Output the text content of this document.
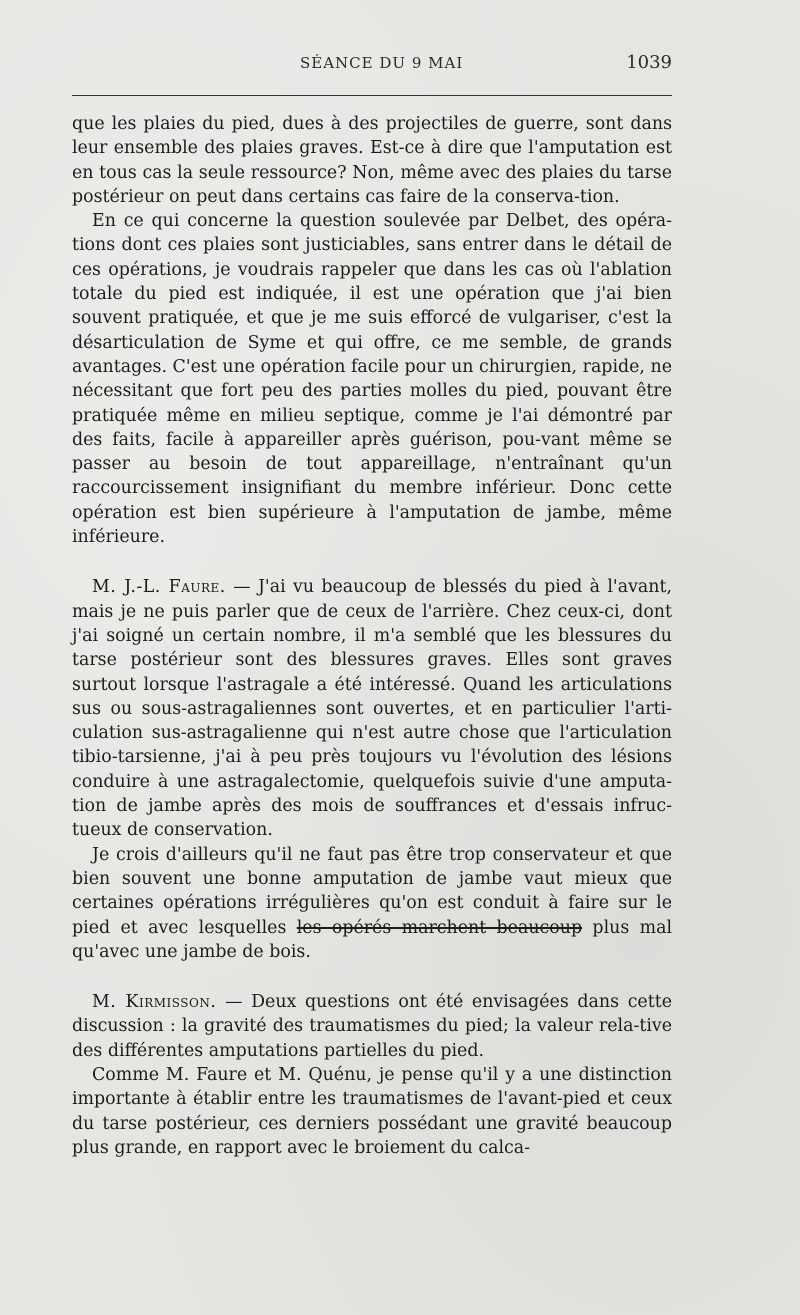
SÉANCE DU 9 MAI	1039

que les plaies du pied, dues à des projectiles de guerre, sont dans leur ensemble des plaies graves. Est-ce à dire que l'amputation est en tous cas la seule ressource? Non, même avec des plaies du tarse postérieur on peut dans certains cas faire de la conserva-tion.

En ce qui concerne la question soulevée par Delbet, des opéra-tions dont ces plaies sont justiciables, sans entrer dans le détail de ces opérations, je voudrais rappeler que dans les cas où l'ablation totale du pied est indiquée, il est une opération que j'ai bien souvent pratiquée, et que je me suis efforcé de vulgariser, c'est la désarticulation de Syme et qui offre, ce me semble, de grands avantages. C'est une opération facile pour un chirurgien, rapide, ne nécessitant que fort peu des parties molles du pied, pouvant être pratiquée même en milieu septique, comme je l'ai démontré par des faits, facile à appareiller après guérison, pou-vant même se passer au besoin de tout appareillage, n'entraînant qu'un raccourcissement insignifiant du membre inférieur. Donc cette opération est bien supérieure à l'amputation de jambe, même inférieure.

M. J.-L. Faure. — J'ai vu beaucoup de blessés du pied à l'avant, mais je ne puis parler que de ceux de l'arrière. Chez ceux-ci, dont j'ai soigné un certain nombre, il m'a semblé que les blessures du tarse postérieur sont des blessures graves. Elles sont graves surtout lorsque l'astragale a été intéressé. Quand les articulations sus ou sous-astragaliennes sont ouvertes, et en particulier l'arti-culation sus-astragalienne qui n'est autre chose que l'articulation tibio-tarsienne, j'ai à peu près toujours vu l'évolution des lésions conduire à une astragalectomie, quelquefois suivie d'une amputa-tion de jambe après des mois de souffrances et d'essais infruc-tueux de conservation.

Je crois d'ailleurs qu'il ne faut pas être trop conservateur et que bien souvent une bonne amputation de jambe vaut mieux que certaines opérations irrégulières qu'on est conduit à faire sur le pied et avec lesquelles les opérés marchent beaucoup plus mal qu'avec une jambe de bois.

M. Kirmisson. — Deux questions ont été envisagées dans cette discussion : la gravité des traumatismes du pied; la valeur rela-tive des différentes amputations partielles du pied.

Comme M. Faure et M. Quénu, je pense qu'il y a une distinction importante à établir entre les traumatismes de l'avant-pied et ceux du tarse postérieur, ces derniers possédant une gravité beaucoup plus grande, en rapport avec le broiement du calca-
